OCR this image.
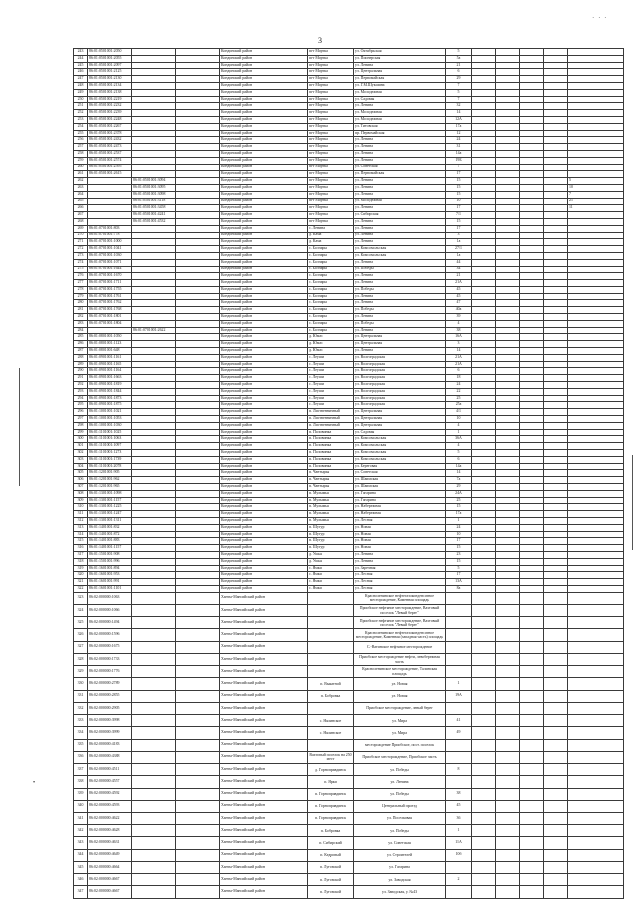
· · ·
3
•
243	86:01:0501001:2050			Кондинский район	пгт Мортка	ул. Октябрьская	5					
244	86:01:0501001:2055			Кондинский район	пгт Мортка	ул. Пионерская	5а					
245	86:01:0501001:2097			Кондинский район	пгт Мортка	ул. Ленина	21					
246	86:01:0501001:2125			Кондинский район	пгт Мортка	ул. Центральная	6					
247	86:01:0501001:2130			Кондинский район	пгт Мортка	ул. Первомайская	29					
248	86:01:0501001:2134			Кондинский район	пгт Мортка	ул. Г.М.Шукшина	7					
249	86:01:0501001:2138			Кондинский район	пгт Мортка	ул. Молодежная	5					
250	86:01:0501001:2219			Кондинский район	пгт Мортка	ул. Садовая	7					
251	86:01:0501001:2232			Кондинский район	пгт Мортка	ул. Ленина	32					
252	86:01:0501001:2239			Кондинский район	пгт Мортка	ул. Молодежная	14					
253	86:01:0501001:2248			Кондинский район	пгт Мортка	ул. Молодежная	12А					
254	86:01:0501001:2267			Кондинский район	пгт Мортка	ул. Титовская	17а					
255	86:01:0501001:2378			Кондинский район	пгт Мортка	пр. Первомайская	12					
256	86:01:0501001:2432			Кондинский район	пгт Мортка	ул. Ленина	24					
257	86:01:0501001:2473			Кондинский район	пгт Мортка	ул. Ленина	31					
258	86:01:0501001:2537			Кондинский район	пгт Мортка	ул. Ленина	14а					
259	86:01:0501001:2574			Кондинский район	пгт Мортка	ул. Ленина	19Б					
260	86:01:0501001:2595			Кондинский район	пгт Мортка	ул. Советская	7					
261	86:01:0501001:2615			Кондинский район	пгт Мортка	ул. Первомайская	17					
262		86:01:0501001:3094		Кондинский район	пгт Мортка	ул. Ленина	15					5
263		86:01:0501001:3095		Кондинский район	пгт Мортка	ул. Ленина	15					10
264		86:01:0501001:3098		Кондинский район	пгт Мортка	ул. Ленина	15					7
265		86:01:0501001:3118		Кондинский район	пгт Мортка	ул. Молодежная	10					21
266		86:01:0501001:3458		Кондинский район	пгт Мортка	ул. Ленина	17					11
267		86:01:0501001:4241		Кондинский район	пгт Мортка	ул. Сибирская	7/1					
268		86:01:0501001:4532		Кондинский район	пгт Мортка	ул. Ленина	15					
269	86:01:0701001:803			Кондинский район	с. Ленина	ул. Ленина	17					
270	86:01:0701001:778			Кондинский район	д. Кама	ул. Ленина	3					
271	86:01:0701001:1000			Кондинский район	д. Кама	ул. Ленина	1а					
272	86:01:0701001:1041			Кондинский район	с. Болчары	ул. Комсомольская	27/1					
273	86:01:0701001:1030			Кондинский район	с. Болчары	ул. Комсомольская	1а					
274	86:01:0701001:1071			Кондинский район	с. Болчары	ул. Ленина	44					
275	86:01:0701001:1644			Кондинский район	с. Болчары	ул. Победы	34					
276	86:01:0701001:1670			Кондинский район	с. Болчары	ул. Ленина	21					
277	86:01:0701001:1711			Кондинский район	с. Болчары	ул. Ленина	21А					
278	86:01:0701001:1755			Кондинский район	с. Болчары	ул. Победы	45					
279	86:01:0701001:1761			Кондинский район	с. Болчары	ул. Ленина	45					
280	86:01:0701001:1762			Кондинский район	с. Болчары	ул. Ленина	47					
281	86:01:0701001:1768			Кондинский район	с. Болчары	ул. Победы	40а					
282	86:01:0701001:1801			Кондинский район	с. Болчары	ул. Ленина	39					
283	86:01:0701001:1804			Кондинский район	с. Болчары	ул. Победы	4					
284		86:01:0701001:2622		Кондинский район	с. Болчары	ул. Ленина	38					
285	86:01:0801001:1050			Кондинский район	д. Юмас	ул. Центральная	16А					
286	86:01:0801001:1123			Кондинский район	д. Юмас	ул. Центральная	3					
287	86:01:0801001:648			Кондинский район	д. Юмас	ул. Ленина	14					
288	86:01:0901001:1161			Кондинский район	с. Леуши	ул. Волгоградская	21А					
289	86:01:0901001:1165			Кондинский район	с. Леуши	ул. Волгоградская	21А					
290	86:01:0901001:1164			Кондинский район	с. Леуши	ул. Волгоградская	6					
291	86:01:0901001:1663			Кондинский район	с. Леуши	ул. Волгоградская	18					
292	86:01:0901001:1819			Кондинский район	с. Леуши	ул. Волгоградская	24					
293	86:01:0901001:1844			Кондинский район	с. Леуши	ул. Волгоградская	22					
294	86:01:0901001:1873			Кондинский район	с. Леуши	ул. Волгоградская	25					
295	86:01:0901001:1875			Кондинский район	с. Леуши	ул. Волгоградская	25а					
296	86:01:1001001:1021			Кондинский район	п. Лиственничный	ул. Центральная	4/1					
297	86:01:1001001:1053			Кондинский район	п. Лиственничный	ул. Центральная	10					
298	86:01:1001001:1030			Кондинский район	п. Лиственничный	ул. Центральная	4					
299	86:01:1101001:1025			Кондинский район	п. Половинка	ул. Садовая	1					
300	86:01:1101001:1063			Кондинский район	п. Половинка	ул. Комсомольская	36А					
301	86:01:1101001:1097			Кондинский район	п. Половинка	ул. Комсомольская	4					
302	86:01:1101001:1273			Кондинский район	п. Половинка	ул. Комсомольская	5					
303	86:01:1101001:1739			Кондинский район	п. Половинка	ул. Комсомольская	6					
304	86:01:1101001:2078			Кондинский район	п. Половинка	ул. Береговая	14а					
305	86:01:1201001:905			Кондинский район	п. Чантырья	ул. Советская	14					
306	86:01:1201001:962			Кондинский район	п. Чантырья	ул. Шаимская	7а					
307	86:01:1201001:965			Кондинский район	п. Чантырья	ул. Шаимская	29					
308	86:01:1301001:1098			Кондинский район	п. Мулымья	ул. Гагарина	24А					
309	86:01:1301001:1157			Кондинский район	п. Мулымья	ул. Гагарина	25					
310	86:01:1301001:1225			Кондинский район	п. Мулымья	ул. Набережная	15					
311	86:01:1301001:1247			Кондинский район	п. Мулымья	ул. Набережная	17а					
312	86:01:1301001:1311			Кондинский район	п. Мулымья	ул. Лесная	1					
313	86:01:1401001:832			Кондинский район	п. Шугур	ул. Новая	24					
314	86:01:1401001:872			Кондинский район	п. Шугур	ул. Новая	10					
315	86:01:1401001:883			Кондинский район	п. Шугур	ул. Новая	17					
316	86:01:1401001:1157			Кондинский район	п. Шугур	ул. Новая	15					
317	86:01:1501001:908			Кондинский район	д. Ушья	ул. Ленина	23					
318	86:01:1501001:996			Кондинский район	д. Ушья	ул. Ленина	15					
319	86:01:1601001:894			Кондинский район	с. Ямки	ул. Заречная	5					
320	86:01:1601001:953			Кондинский район	с. Ямки	ул. Лесная	17					
321	86:01:1601001:991			Кондинский район	с. Ямки	ул. Лесная	13А					
322	86:01:1601001:1101			Кондинский район	с. Ямки	ул. Лесная	8а					
323	86:02:000000:1063			Ханты-Мансийский район		Красноленинское нефтегазоконденсатное месторождение, Каменная площадь						
324	86:02:000000:1066			Ханты-Мансийский район		Приобское нефтяное месторождение, Вахтовый поселок "Левый берег"						
325	86:02:000000:1494			Ханты-Мансийский район		Приобское нефтяное месторождение, Вахтовый поселок "Левый берег"						
326	86:02:000000:1596			Ханты-Мансийский район		Красноленинское нефтегазоконденсатное месторождение, Каменная (западная часть) площадь						
327	86:02:000000:1675			Ханты-Мансийский район		С.-Ватинское нефтяное месторождение						
328	86:02:000000:1733			Ханты-Мансийский район		Приобское месторождение нефти, левобережная часть						
329	86:02:000000:1776			Ханты-Мансийский район		Красноленинское месторождение, Талинская площадь						
330	86:02:000000:2789			Ханты-Мансийский район	п. Выкатной	ул. Новая	1					
331	86:02:000000:2855			Ханты-Мансийский район	п. Бобровка	ул. Новая	19А					
332	86:02:000000:2905			Ханты-Мансийский район		Приобское месторождение, левый берег						
333	86:02:000000:3998			Ханты-Мансийский район	с. Нялинское	ул. Мира	41					
334	86:02:000000:3999			Ханты-Мансийский район	с. Нялинское	ул. Мира	49					
335	86:02:000000:4183			Ханты-Мансийский район		месторождение Приобское, пост. поселок						
336	86:02:000000:4388			Ханты-Мансийский район	Вахтовый поселок на 250 мест	Приобское месторождение, Приобское часть						
337	86:02:000000:4511			Ханты-Мансийский район	д. Горноправдинск	ул. Победы	8					
338	86:02:000000:4557			Ханты-Мансийский район	п. Ярки	ул. Ленина						
339	86:02:000000:4592			Ханты-Мансийский район	п. Горноправдинск	ул. Победы	38					
340	86:02:000000:4593			Ханты-Мансийский район	п. Горноправдинск	Центральный проезд	45					
341	86:02:000000:4622			Ханты-Мансийский район	п. Горноправдинск	ул. Поселковая	36					
342	86:02:000000:4628			Ханты-Мансийский район	п. Бобровка	ул. Победы	1					
343	86:02:000000:4631			Ханты-Мансийский район	п. Сибирский	ул. Советская	11А					
344	86:02:000000:4649			Ханты-Мансийский район	п. Кедровый	ул. Строителей	10б					
345	86:02:000000:4664			Ханты-Мансийский район	п. Луговской	ул. Гагарина						
346	86:02:000000:4667			Ханты-Мансийский район	п. Луговской	ул. Заводская	2					
347	86:02:000000:4667			Ханты-Мансийский район	п. Луговской	ул. Заводская, у. №43						
